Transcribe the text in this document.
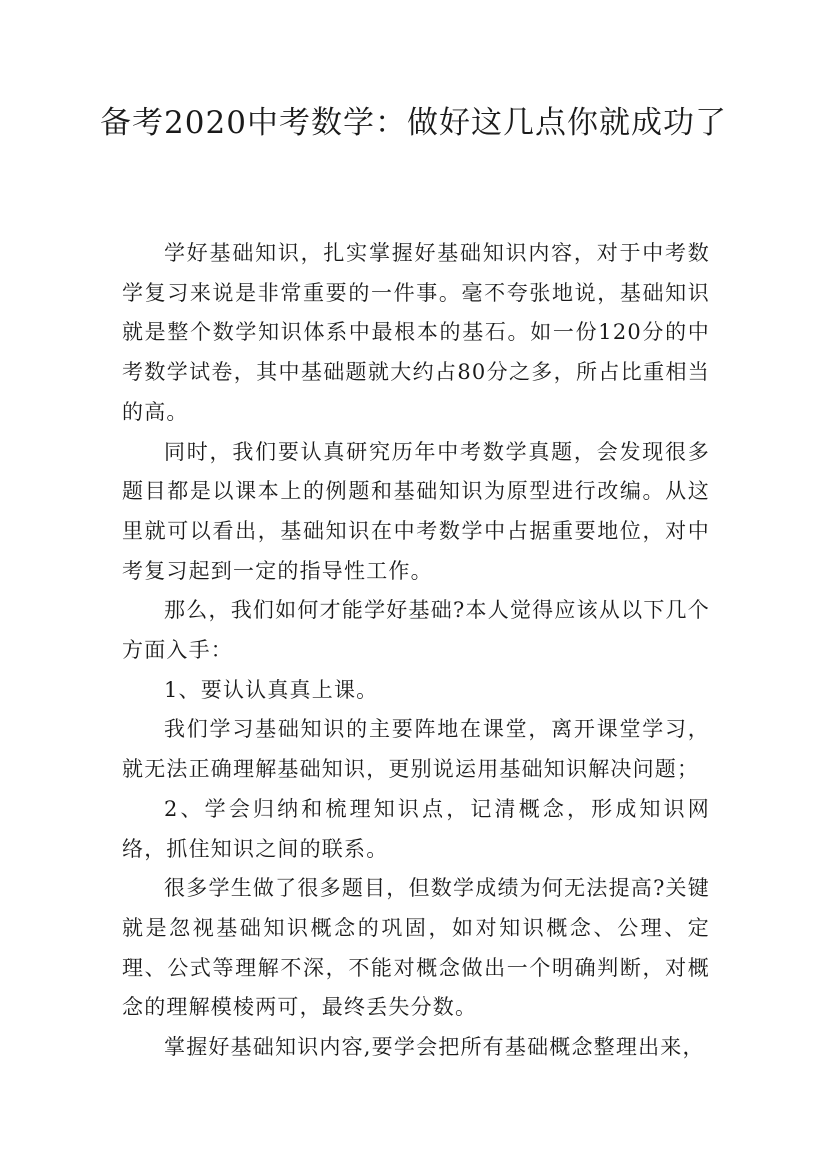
备考2020中考数学：做好这几点你就成功了

学好基础知识，扎实掌握好基础知识内容，对于中考数学复习来说是非常重要的一件事。毫不夸张地说，基础知识就是整个数学知识体系中最根本的基石。如一份120分的中考数学试卷，其中基础题就大约占80分之多，所占比重相当的高。

同时，我们要认真研究历年中考数学真题，会发现很多题目都是以课本上的例题和基础知识为原型进行改编。从这里就可以看出，基础知识在中考数学中占据重要地位，对中考复习起到一定的指导性工作。

那么，我们如何才能学好基础?本人觉得应该从以下几个方面入手：

1、要认认真真上课。

我们学习基础知识的主要阵地在课堂，离开课堂学习，就无法正确理解基础知识，更别说运用基础知识解决问题；

2、学会归纳和梳理知识点，记清概念，形成知识网络，抓住知识之间的联系。

很多学生做了很多题目，但数学成绩为何无法提高?关键就是忽视基础知识概念的巩固，如对知识概念、公理、定理、公式等理解不深，不能对概念做出一个明确判断，对概念的理解模棱两可，最终丢失分数。

掌握好基础知识内容,要学会把所有基础概念整理出来，
